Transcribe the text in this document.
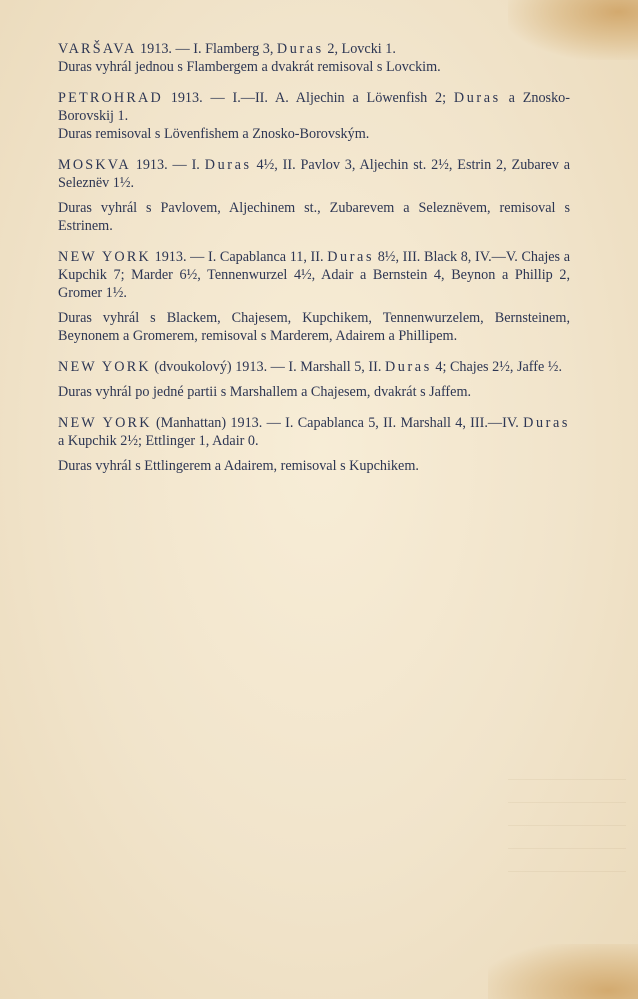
VARŠAVA 1913. — I. Flamberg 3, Duras 2, Lovcki 1.
Duras vyhrál jednou s Flambergem a dvakrát remisoval s Lovckim.
PETROHRAD 1913. — I.—II. A. Aljechin a Löwenfish 2; Duras a Znosko-Borovskij 1.
Duras remisoval s Lövenfishem a Znosko-Borovským.
MOSKVA 1913. — I. Duras 4½, II. Pavlov 3, Aljechin st. 2½, Estrin 2, Zubarev a Seleznëv 1½.
Duras vyhrál s Pavlovem, Aljechinem st., Zubarevem a Seleznëvem, remisoval s Estrinem.
NEW YORK 1913. — I. Capablanca 11, II. Duras 8½, III. Black 8, IV.—V. Chajes a Kupchik 7; Marder 6½, Tennenwurzel 4½, Adair a Bernstein 4, Beynon a Phillip 2, Gromer 1½.
Duras vyhrál s Blackem, Chajesem, Kupchikem, Tennenwurzelem, Bernsteinem, Beynonem a Gromerem, remisoval s Marderem, Adairem a Phillipem.
NEW YORK (dvoukolový) 1913. — I. Marshall 5, II. Duras 4; Chajes 2½, Jaffe ½.
Duras vyhrál po jedné partii s Marshallem a Chajesem, dvakrát s Jaffem.
NEW YORK (Manhattan) 1913. — I. Capablanca 5, II. Marshall 4, III.—IV. Duras a Kupchik 2½; Ettlinger 1, Adair 0.
Duras vyhrál s Ettlingerem a Adairem, remisoval s Kupchikem.
